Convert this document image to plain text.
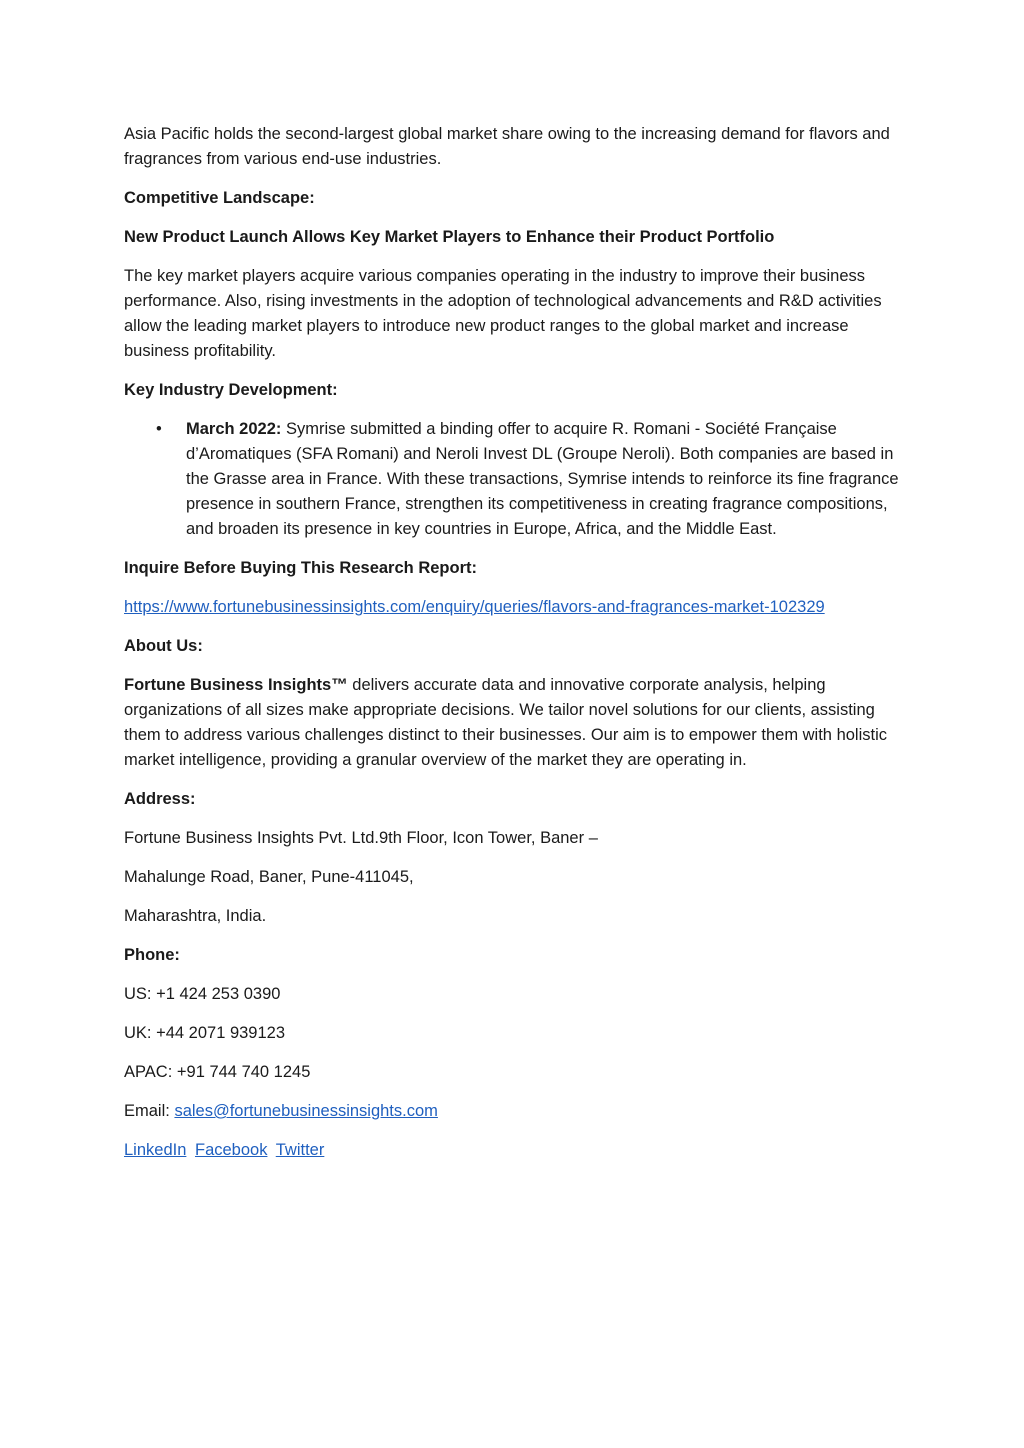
Asia Pacific holds the second-largest global market share owing to the increasing demand for flavors and fragrances from various end-use industries.

Competitive Landscape:

New Product Launch Allows Key Market Players to Enhance their Product Portfolio

The key market players acquire various companies operating in the industry to improve their business performance. Also, rising investments in the adoption of technological advancements and R&D activities allow the leading market players to introduce new product ranges to the global market and increase business profitability.

Key Industry Development:

• March 2022: Symrise submitted a binding offer to acquire R. Romani - Société Française d’Aromatiques (SFA Romani) and Neroli Invest DL (Groupe Neroli). Both companies are based in the Grasse area in France. With these transactions, Symrise intends to reinforce its fine fragrance presence in southern France, strengthen its competitiveness in creating fragrance compositions, and broaden its presence in key countries in Europe, Africa, and the Middle East.

Inquire Before Buying This Research Report:

https://www.fortunebusinessinsights.com/enquiry/queries/flavors-and-fragrances-market-102329

About Us:

Fortune Business Insights™ delivers accurate data and innovative corporate analysis, helping organizations of all sizes make appropriate decisions. We tailor novel solutions for our clients, assisting them to address various challenges distinct to their businesses. Our aim is to empower them with holistic market intelligence, providing a granular overview of the market they are operating in.

Address:

Fortune Business Insights Pvt. Ltd.9th Floor, Icon Tower, Baner –

Mahalunge Road, Baner, Pune-411045,

Maharashtra, India.

Phone:

US: +1 424 253 0390

UK: +44 2071 939123

APAC: +91 744 740 1245

Email: sales@fortunebusinessinsights.com

LinkedIn Facebook Twitter
